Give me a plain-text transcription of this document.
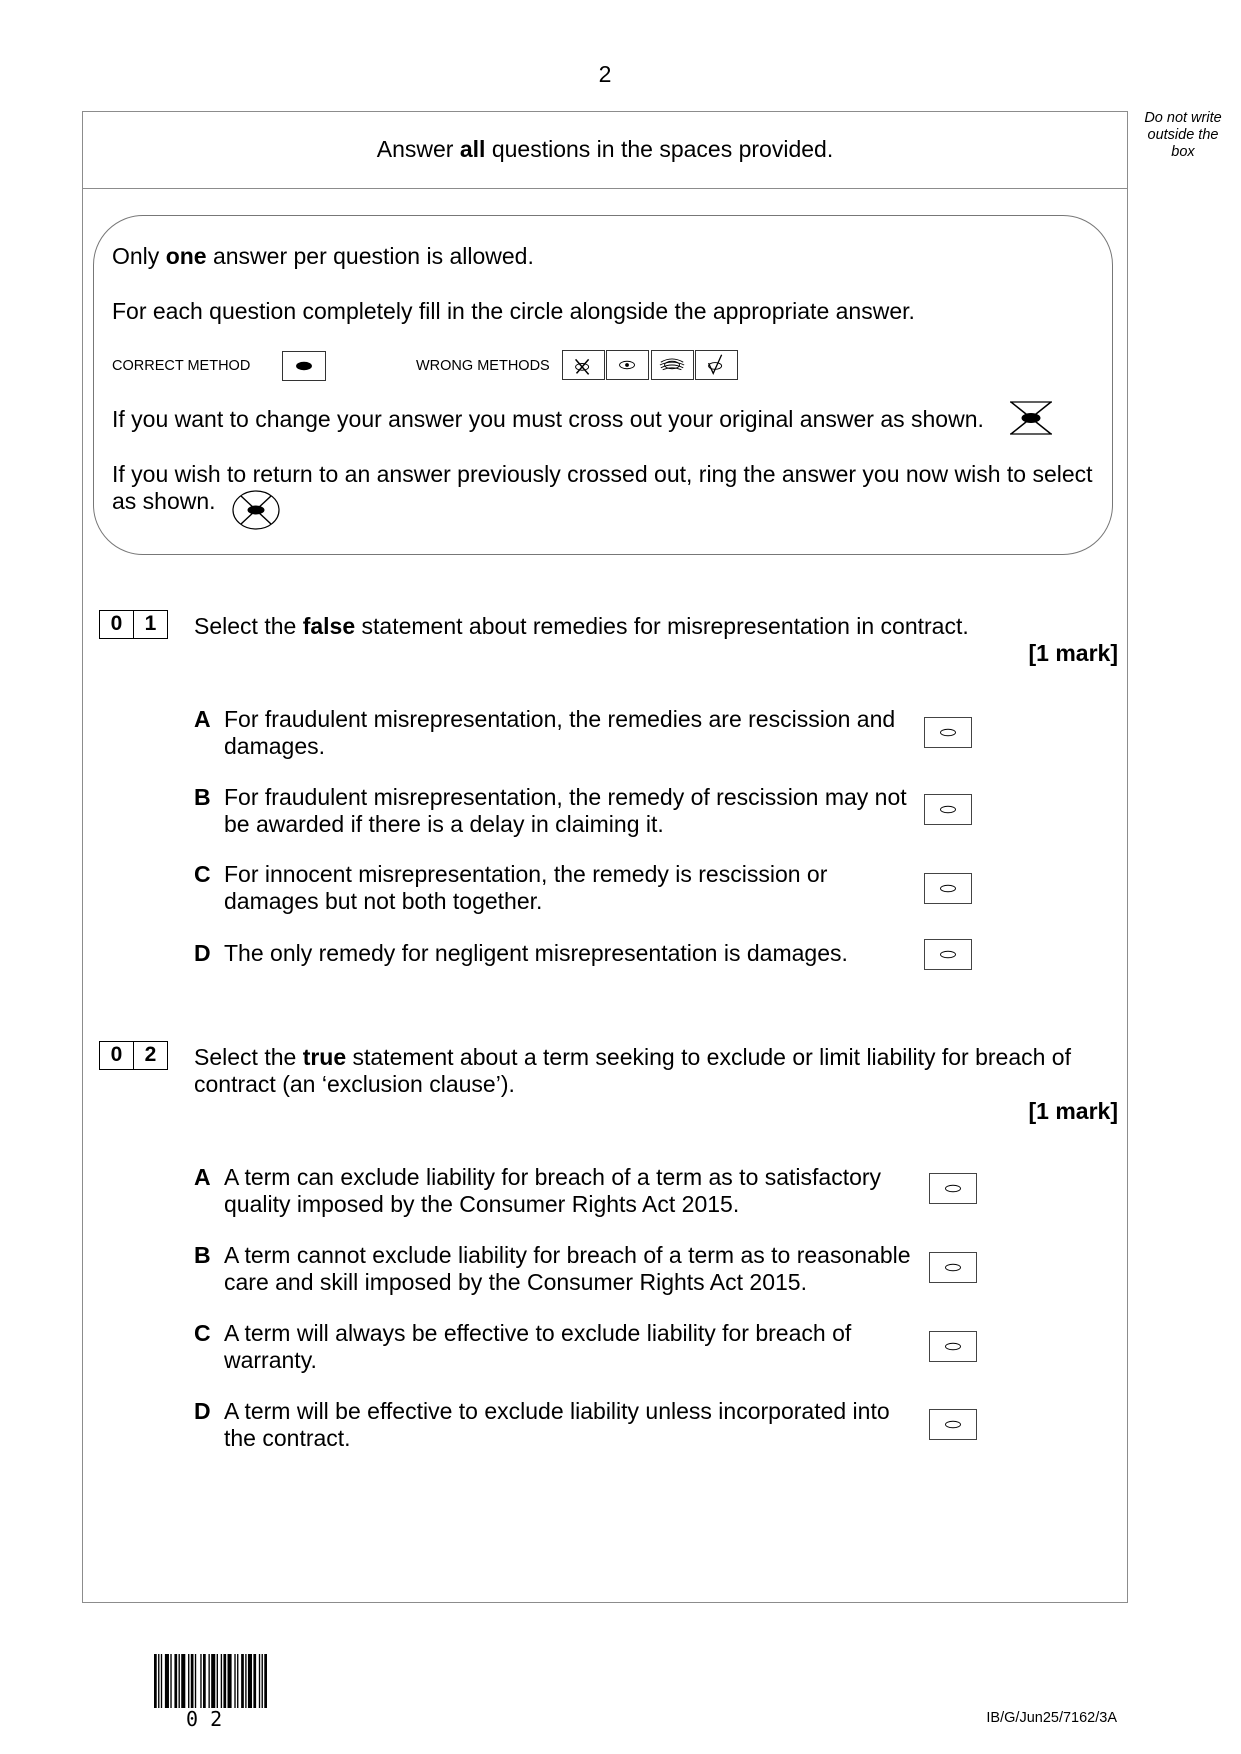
2
Do not write
outside the
box
Answer all questions in the spaces provided.
Only one answer per question is allowed.
For each question completely fill in the circle alongside the appropriate answer.
CORRECT METHOD	WRONG METHODS
If you want to change your answer you must cross out your original answer as shown.
If you wish to return to an answer previously crossed out, ring the answer you now wish to select
as shown.
0	1	Select the false statement about remedies for misrepresentation in contract.
[1 mark]
A For fraudulent misrepresentation, the remedies are rescission and
damages.
B For fraudulent misrepresentation, the remedy of rescission may not
be awarded if there is a delay in claiming it.
C For innocent misrepresentation, the remedy is rescission or
damages but not both together.
D The only remedy for negligent misrepresentation is damages.
0	2	Select the true statement about a term seeking to exclude or limit liability for breach of
contract (an ‘exclusion clause’).
[1 mark]
A A term can exclude liability for breach of a term as to satisfactory
quality imposed by the Consumer Rights Act 2015.
B A term cannot exclude liability for breach of a term as to reasonable
care and skill imposed by the Consumer Rights Act 2015.
C A term will always be effective to exclude liability for breach of
warranty.
D A term will be effective to exclude liability unless incorporated into
the contract.
0 2	IB/G/Jun25/7162/3A
